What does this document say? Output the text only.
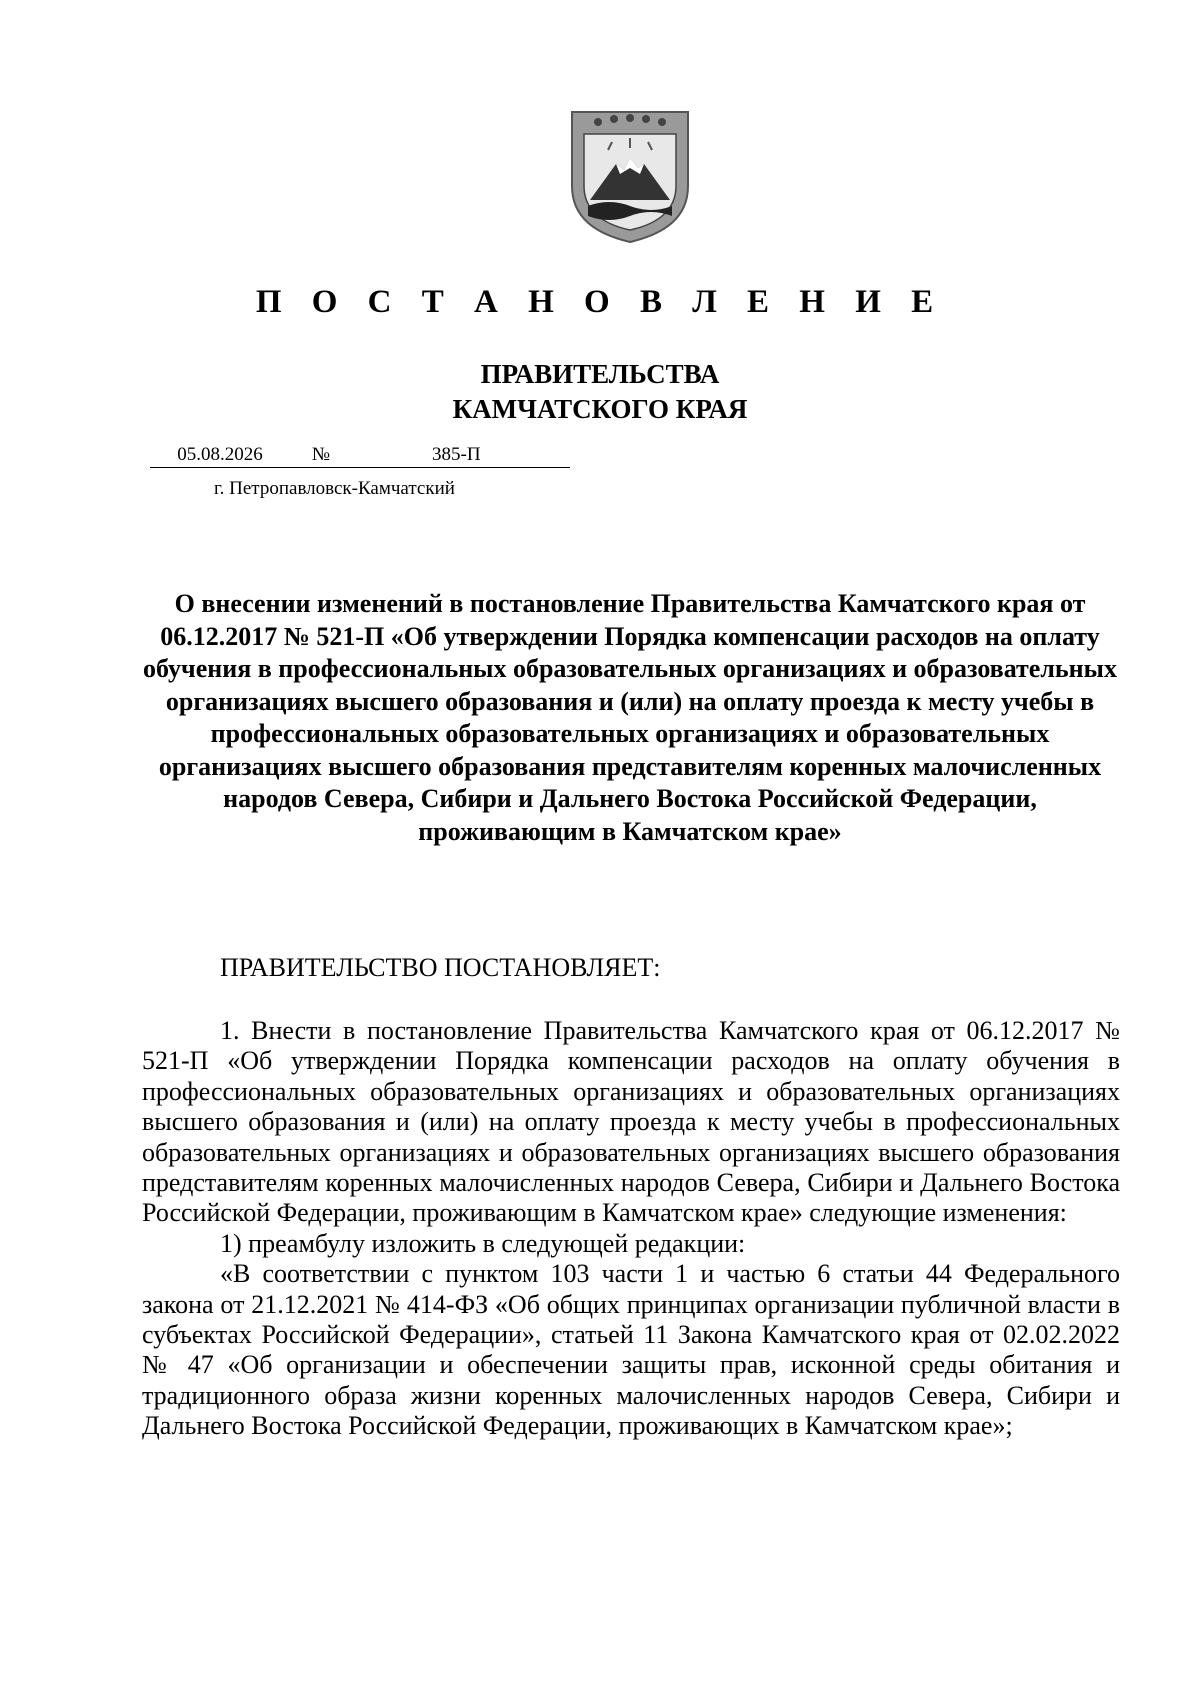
П О С Т А Н О В Л Е Н И Е
ПРАВИТЕЛЬСТВА
КАМЧАТСКОГО КРАЯ
05.08.2026	№	385-П
г. Петропавловск-Камчатский
О внесении изменений в постановление Правительства Камчатского края от 06.12.2017 № 521-П «Об утверждении Порядка компенсации расходов на оплату обучения в профессиональных образовательных организациях и образовательных организациях высшего образования и (или) на оплату проезда к месту учебы в профессиональных образовательных организациях и образовательных организациях высшего образования представителям коренных малочисленных народов Севера, Сибири и Дальнего Востока Российской Федерации, проживающим в Камчатском крае»
ПРАВИТЕЛЬСТВО ПОСТАНОВЛЯЕТ:

1. Внести в постановление Правительства Камчатского края от 06.12.2017 № 521-П «Об утверждении Порядка компенсации расходов на оплату обучения в профессиональных образовательных организациях и образовательных организациях высшего образования и (или) на оплату проезда к месту учебы в профессиональных образовательных организациях и образовательных организациях высшего образования представителям коренных малочисленных народов Севера, Сибири и Дальнего Востока Российской Федерации, проживающим в Камчатском крае» следующие изменения:

1) преамбулу изложить в следующей редакции:

«В соответствии с пунктом 103 части 1 и частью 6 статьи 44 Федерального закона от 21.12.2021 № 414-ФЗ «Об общих принципах организации публичной власти в субъектах Российской Федерации», статьей 11 Закона Камчатского края от 02.02.2022 № 47 «Об организации и обеспечении защиты прав, исконной среды обитания и традиционного образа жизни коренных малочисленных народов Севера, Сибири и Дальнего Востока Российской Федерации, проживающих в Камчатском крае»;
